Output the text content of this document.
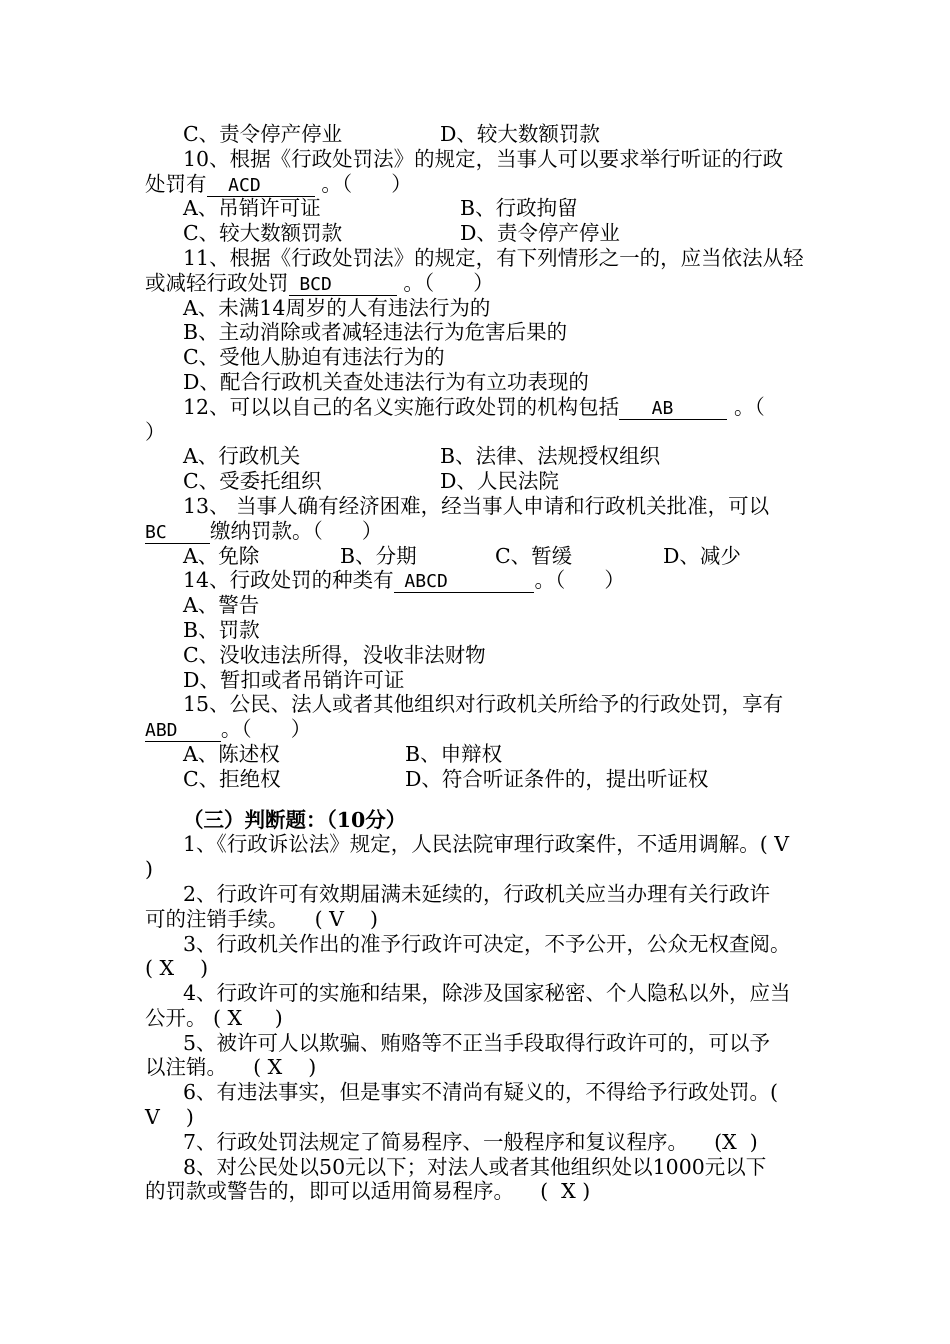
C、责令停产停业

	D、较大数额罚款

10、根据《行政处罚法》的规定，当事人可以要求举行听证的行政
处罚有  ACD      。（      ）

A、吊销许可证

	B、行政拘留

C、较大数额罚款

	D、责令停产停业

11、根据《行政处罚法》的规定，有下列情形之一的，应当依法从轻
或减轻行政处罚 BCD       。（      ）
A、未满14周岁的人有违法行为的
B、主动消除或者减轻违法行为危害后果的
C、受他人胁迫有违法行为的
D、配合行政机关查处违法行为有立功表现的
12、可以以自己的名义实施行政处罚的机构包括   AB      。（
）

A、行政机关

	B、法律、法规授权组织

C、受委托组织

	D、人民法院

13、 当事人确有经济困难，经当事人申请和行政机关批准，可以
BC    缴纳罚款。（      ）

A、免除

	B、分期

	C、暂缓

	D、减少

14、行政处罚的种类有 ABCD        。（      ）
A、警告
B、罚款
C、没收违法所得，没收非法财物
D、暂扣或者吊销许可证
15、公民、法人或者其他组织对行政机关所给予的行政处罚，享有
ABD    。（      ）

A、陈述权

	B、申辩权

C、拒绝权

	D、符合听证条件的，提出听证权

（三）判断题：（10分）
1、《行政诉讼法》规定，人民法院审理行政案件，不适用调解。( V
)
2、行政许可有效期届满未延续的，行政机关应当办理有关行政许
可的注销手续。    ( V    )
3、行政机关作出的准予行政许可决定，不予公开，公众无权查阅。
( X    )
4、行政许可的实施和结果，除涉及国家秘密、个人隐私以外，应当
公开。 ( X     )
5、被许可人以欺骗、贿赂等不正当手段取得行政许可的，可以予
以注销。    ( X    )
6、有违法事实，但是事实不清尚有疑义的，不得给予行政处罚。(
V    )
7、行政处罚法规定了简易程序、一般程序和复议程序。    (X  )
8、对公民处以50元以下；对法人或者其他组织处以1000元以下
的罚款或警告的，即可以适用简易程序。    (  X )
